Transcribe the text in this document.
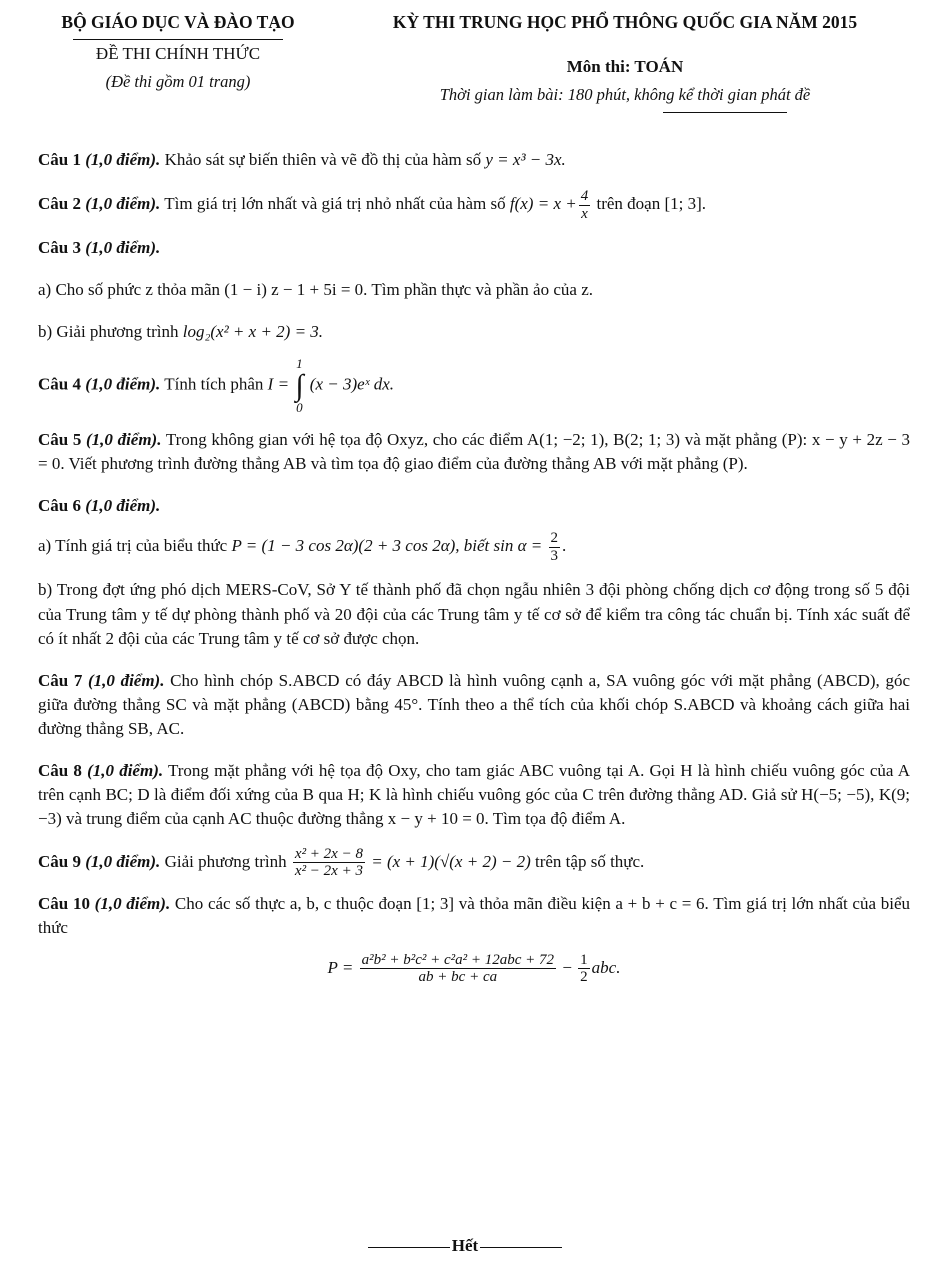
BỘ GIÁO DỤC VÀ ĐÀO TẠO
ĐỀ THI CHÍNH THỨC
(Đề thi gồm 01 trang)
KỲ THI TRUNG HỌC PHỔ THÔNG QUỐC GIA NĂM 2015
Môn thi: TOÁN
Thời gian làm bài: 180 phút, không kể thời gian phát đề

Câu 1 (1,0 điểm). Khảo sát sự biến thiên và vẽ đồ thị của hàm số y = x³ − 3x.

Câu 2 (1,0 điểm). Tìm giá trị lớn nhất và giá trị nhỏ nhất của hàm số $f(x) = x + \frac{4}{x}$ trên đoạn [1; 3].

Câu 3 (1,0 điểm).

a) Cho số phức z thỏa mãn (1 − i) z − 1 + 5i = 0. Tìm phần thực và phần ảo của z.

b) Giải phương trình log₂(x² + x + 2) = 3.

Câu 4 (1,0 điểm). Tính tích phân I = 1
∫
0 (x − 3)eˣ dx.

Câu 5 (1,0 điểm). Trong không gian với hệ tọa độ Oxyz, cho các điểm A(1; −2; 1), B(2; 1; 3) và mặt phẳng (P): x − y + 2z − 3 = 0. Viết phương trình đường thẳng AB và tìm tọa độ giao điểm của đường thẳng AB với mặt phẳng (P).

Câu 6 (1,0 điểm).

a) Tính giá trị của biểu thức P = (1 − 3 cos 2α)(2 + 3 cos 2α), biết $\sin \alpha = \frac{2}{3}$ .

b) Trong đợt ứng phó dịch MERS-CoV, Sở Y tế thành phố đã chọn ngẫu nhiên 3 đội phòng chống dịch cơ động trong số 5 đội của Trung tâm y tế dự phòng thành phố và 20 đội của các Trung tâm y tế cơ sở để kiểm tra công tác chuẩn bị. Tính xác suất để có ít nhất 2 đội của các Trung tâm y tế cơ sở được chọn.

Câu 7 (1,0 điểm). Cho hình chóp S.ABCD có đáy ABCD là hình vuông cạnh a, SA vuông góc với mặt phẳng (ABCD), góc giữa đường thẳng SC và mặt phẳng (ABCD) bằng 45°. Tính theo a thể tích của khối chóp S.ABCD và khoảng cách giữa hai đường thẳng SB, AC.

Câu 8 (1,0 điểm). Trong mặt phẳng với hệ tọa độ Oxy, cho tam giác ABC vuông tại A. Gọi H là hình chiếu vuông góc của A trên cạnh BC; D là điểm đối xứng của B qua H; K là hình chiếu vuông góc của C trên đường thẳng AD. Giả sử H(−5; −5), K(9; −3) và trung điểm của cạnh AC thuộc đường thẳng x − y + 10 = 0. Tìm tọa độ điểm A.

Câu 9 (1,0 điểm). Giải phương trình $\frac{\text{x² + 2x − 8}}{\text{x² − 2x + 3}} = (x + 1)(√(x + 2) - 2)$ trên tập số thực.

Câu 10 (1,0 điểm). Cho các số thực a, b, c thuộc đoạn [1; 3] và thỏa mãn điều kiện a + b + c = 6. Tìm giá trị lớn nhất của biểu thức

$P = \frac{\text{a²b² + b²c² + c²a² + 12abc + 72}}{ab + bc + ca} - \frac{1}{2}$ abc.

Hết
